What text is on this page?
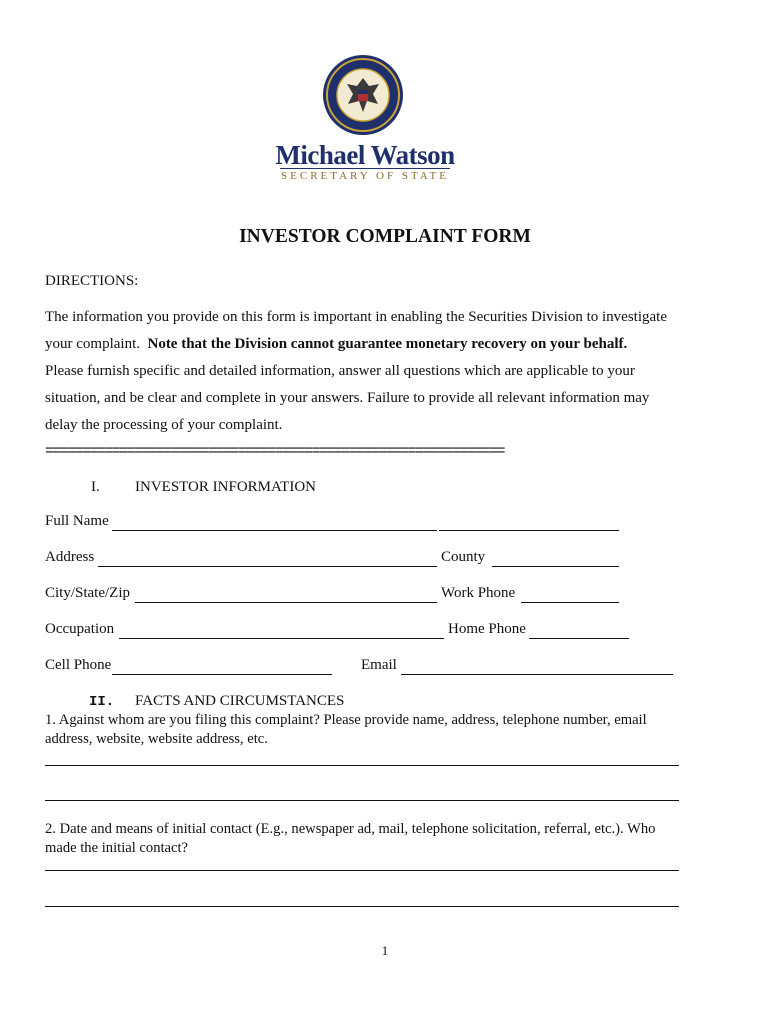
Michael Watson
SECRETARY OF STATE
INVESTOR COMPLAINT FORM
DIRECTIONS:
The information you provide on this form is important in enabling the Securities Division to investigate
your complaint. Note that the Division cannot guarantee monetary recovery on your behalf.
Please furnish specific and detailed information, answer all questions which are applicable to your
situation, and be clear and complete in your answers. Failure to provide all relevant information may
delay the processing of your complaint.
==============================================================
I. INVESTOR INFORMATION
Full Name
Address	County
City/State/Zip	Work Phone
Occupation	Home Phone
Cell Phone	Email
II. FACTS AND CIRCUMSTANCES
1. Against whom are you filing this complaint? Please provide name, address, telephone number, email
address, website, website address, etc.
2. Date and means of initial contact (E.g., newspaper ad, mail, telephone solicitation, referral, etc.). Who
made the initial contact?
1
